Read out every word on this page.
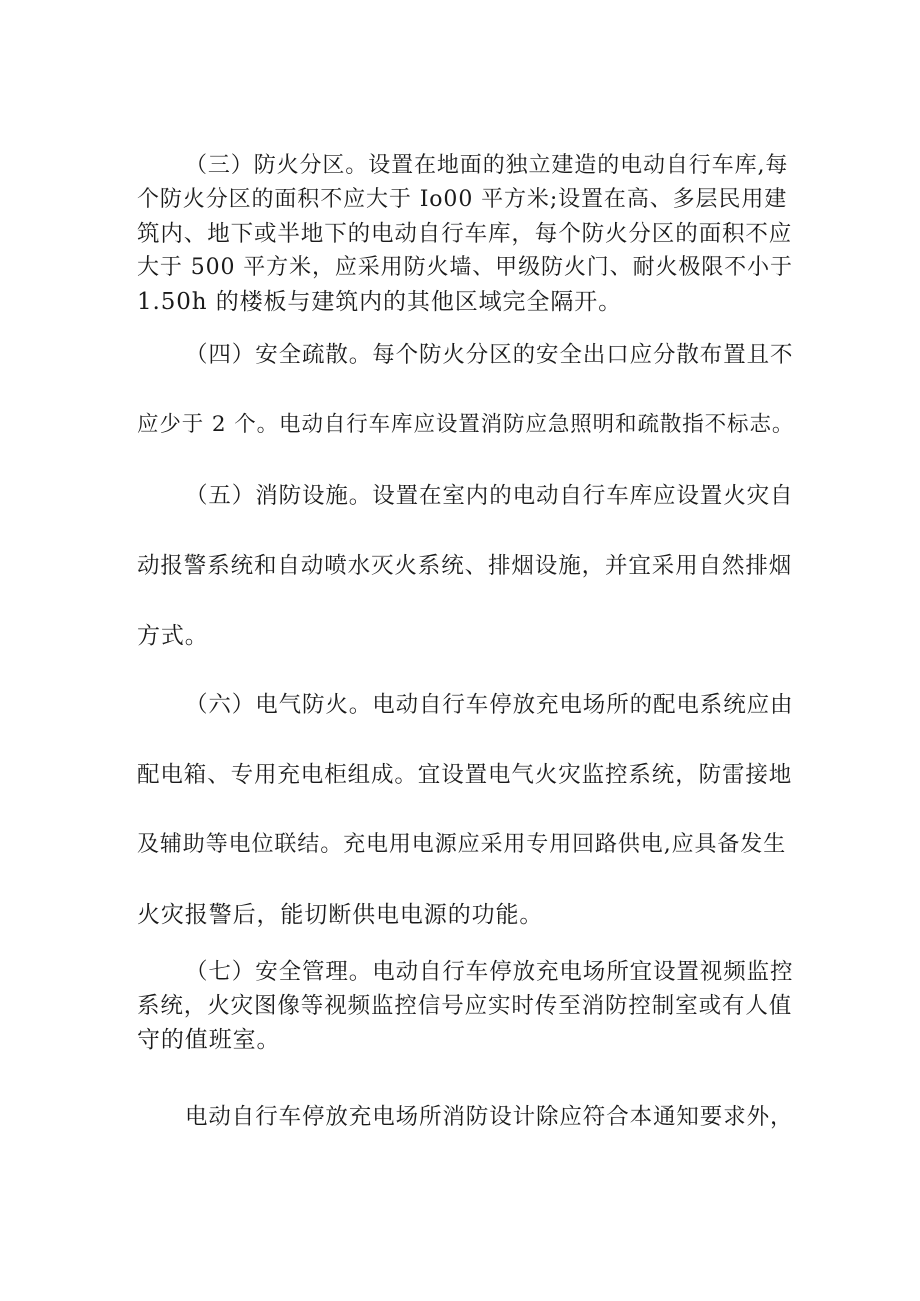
（三）防火分区。设置在地面的独立建造的电动自行车库,每
个防火分区的面积不应大于 Io00 平方米;设置在高、多层民用建
筑内、地下或半地下的电动自行车库，每个防火分区的面积不应
大于 500 平方米，应采用防火墙、甲级防火门、耐火极限不小于
1.50h 的楼板与建筑内的其他区域完全隔开。
（四）安全疏散。每个防火分区的安全出口应分散布置且不
应少于 2 个。电动自行车库应设置消防应急照明和疏散指不标志。
（五）消防设施。设置在室内的电动自行车库应设置火灾自
动报警系统和自动喷水灭火系统、排烟设施，并宜采用自然排烟
方式。
（六）电气防火。电动自行车停放充电场所的配电系统应由
配电箱、专用充电柜组成。宜设置电气火灾监控系统，防雷接地
及辅助等电位联结。充电用电源应采用专用回路供电,应具备发生
火灾报警后，能切断供电电源的功能。
（七）安全管理。电动自行车停放充电场所宜设置视频监控
系统，火灾图像等视频监控信号应实时传至消防控制室或有人值
守的值班室。
电动自行车停放充电场所消防设计除应符合本通知要求外，
